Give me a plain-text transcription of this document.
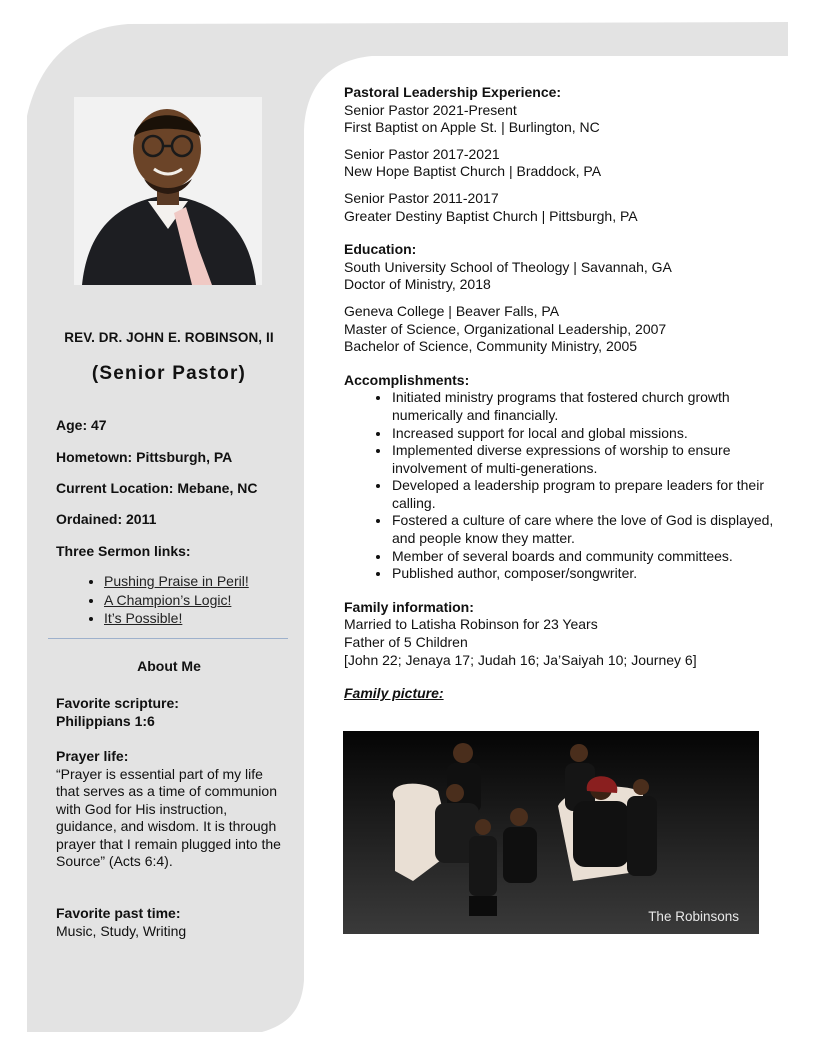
REV. DR. JOHN E. ROBINSON, II
(Senior Pastor)
Age: 47
Hometown: Pittsburgh, PA
Current Location: Mebane, NC
Ordained: 2011
Three Sermon links:
• Pushing Praise in Peril!
• A Champion’s Logic!
• It’s Possible!
About Me
Favorite scripture:
Philippians 1:6
Prayer life:
“Prayer is essential part of my life that serves as a time of communion with God for His instruction, guidance, and wisdom. It is through prayer that I remain plugged into the Source” (Acts 6:4).
Favorite past time:
Music, Study, Writing

Pastoral Leadership Experience:

Senior Pastor 2021-Present

First Baptist on Apple St. | Burlington, NC

Senior Pastor 2017-2021

New Hope Baptist Church | Braddock, PA

Senior Pastor 2011-2017

Greater Destiny Baptist Church | Pittsburgh, PA

Education:

South University School of Theology | Savannah, GA

Doctor of Ministry, 2018

Geneva College | Beaver Falls, PA

Master of Science, Organizational Leadership, 2007

Bachelor of Science, Community Ministry, 2005

Accomplishments:

• Initiated ministry programs that fostered church growth numerically and financially.
• Increased support for local and global missions.
• Implemented diverse expressions of worship to ensure involvement of multi-generations.
• Developed a leadership program to prepare leaders for their calling.
• Fostered a culture of care where the love of God is displayed, and people know they matter.
• Member of several boards and community committees.
• Published author, composer/songwriter.

Family information:

Married to Latisha Robinson for 23 Years

Father of 5 Children

[John 22; Jenaya 17; Judah 16; Ja’Saiyah 10; Journey 6]

Family picture:

The Robinsons
